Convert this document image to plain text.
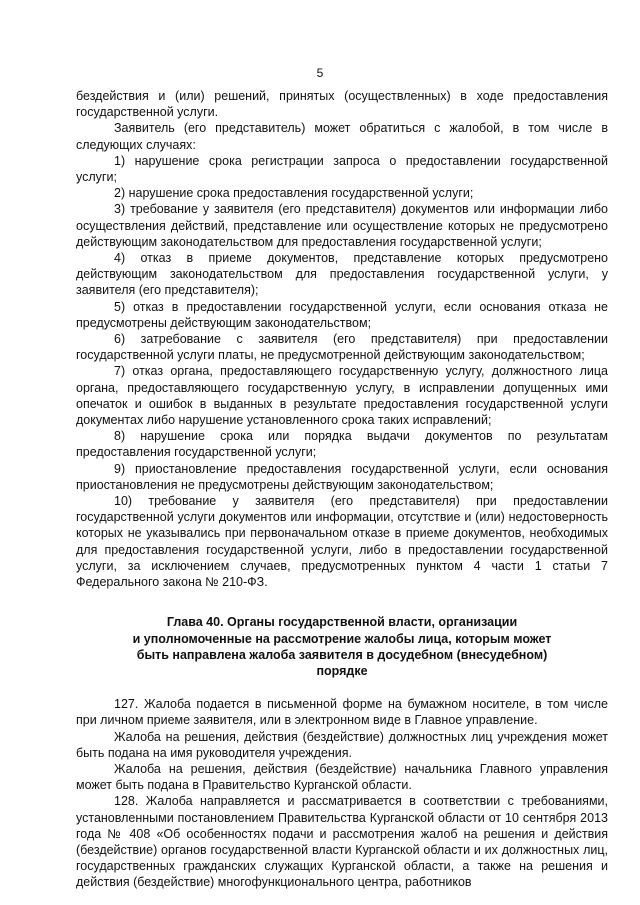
5

бездействия и (или) решений, принятых (осуществленных) в ходе предоставления государственной услуги.

Заявитель (его представитель) может обратиться с жалобой, в том числе в следующих случаях:

1) нарушение срока регистрации запроса о предоставлении государственной услуги;

2) нарушение срока предоставления государственной услуги;

3) требование у заявителя (его представителя) документов или информации либо осуществления действий, представление или осуществление которых не предусмотрено действующим законодательством для предоставления государственной услуги;

4) отказ в приеме документов, представление которых предусмотрено действующим законодательством для предоставления государственной услуги, у заявителя (его представителя);

5) отказ в предоставлении государственной услуги, если основания отказа не предусмотрены действующим законодательством;

6) затребование с заявителя (его представителя) при предоставлении государственной услуги платы, не предусмотренной действующим законодательством;

7) отказ органа, предоставляющего государственную услугу, должностного лица органа, предоставляющего государственную услугу, в исправлении допущенных ими опечаток и ошибок в выданных в результате предоставления государственной услуги документах либо нарушение установленного срока таких исправлений;

8) нарушение срока или порядка выдачи документов по результатам предоставления государственной услуги;

9) приостановление предоставления государственной услуги, если основания приостановления не предусмотрены действующим законодательством;

10) требование у заявителя (его представителя) при предоставлении государственной услуги документов или информации, отсутствие и (или) недостоверность которых не указывались при первоначальном отказе в приеме документов, необходимых для предоставления государственной услуги, либо в предоставлении государственной услуги, за исключением случаев, предусмотренных пунктом 4 части 1 статьи 7 Федерального закона № 210-ФЗ.

Глава 40. Органы государственной власти, организации
и уполномоченные на рассмотрение жалобы лица, которым может
быть направлена жалоба заявителя в досудебном (внесудебном)
порядке

127. Жалоба подается в письменной форме на бумажном носителе, в том числе при личном приеме заявителя, или в электронном виде в Главное управление.

Жалоба на решения, действия (бездействие) должностных лиц учреждения может быть подана на имя руководителя учреждения.

Жалоба на решения, действия (бездействие) начальника Главного управления может быть подана в Правительство Курганской области.

128. Жалоба направляется и рассматривается в соответствии с требованиями, установленными постановлением Правительства Курганской области от 10 сентября 2013 года № 408 «Об особенностях подачи и рассмотрения жалоб на решения и действия (бездействие) органов государственной власти Курганской области и их должностных лиц, государственных гражданских служащих Курганской области, а также на решения и действия (бездействие) многофункционального центра, работников
